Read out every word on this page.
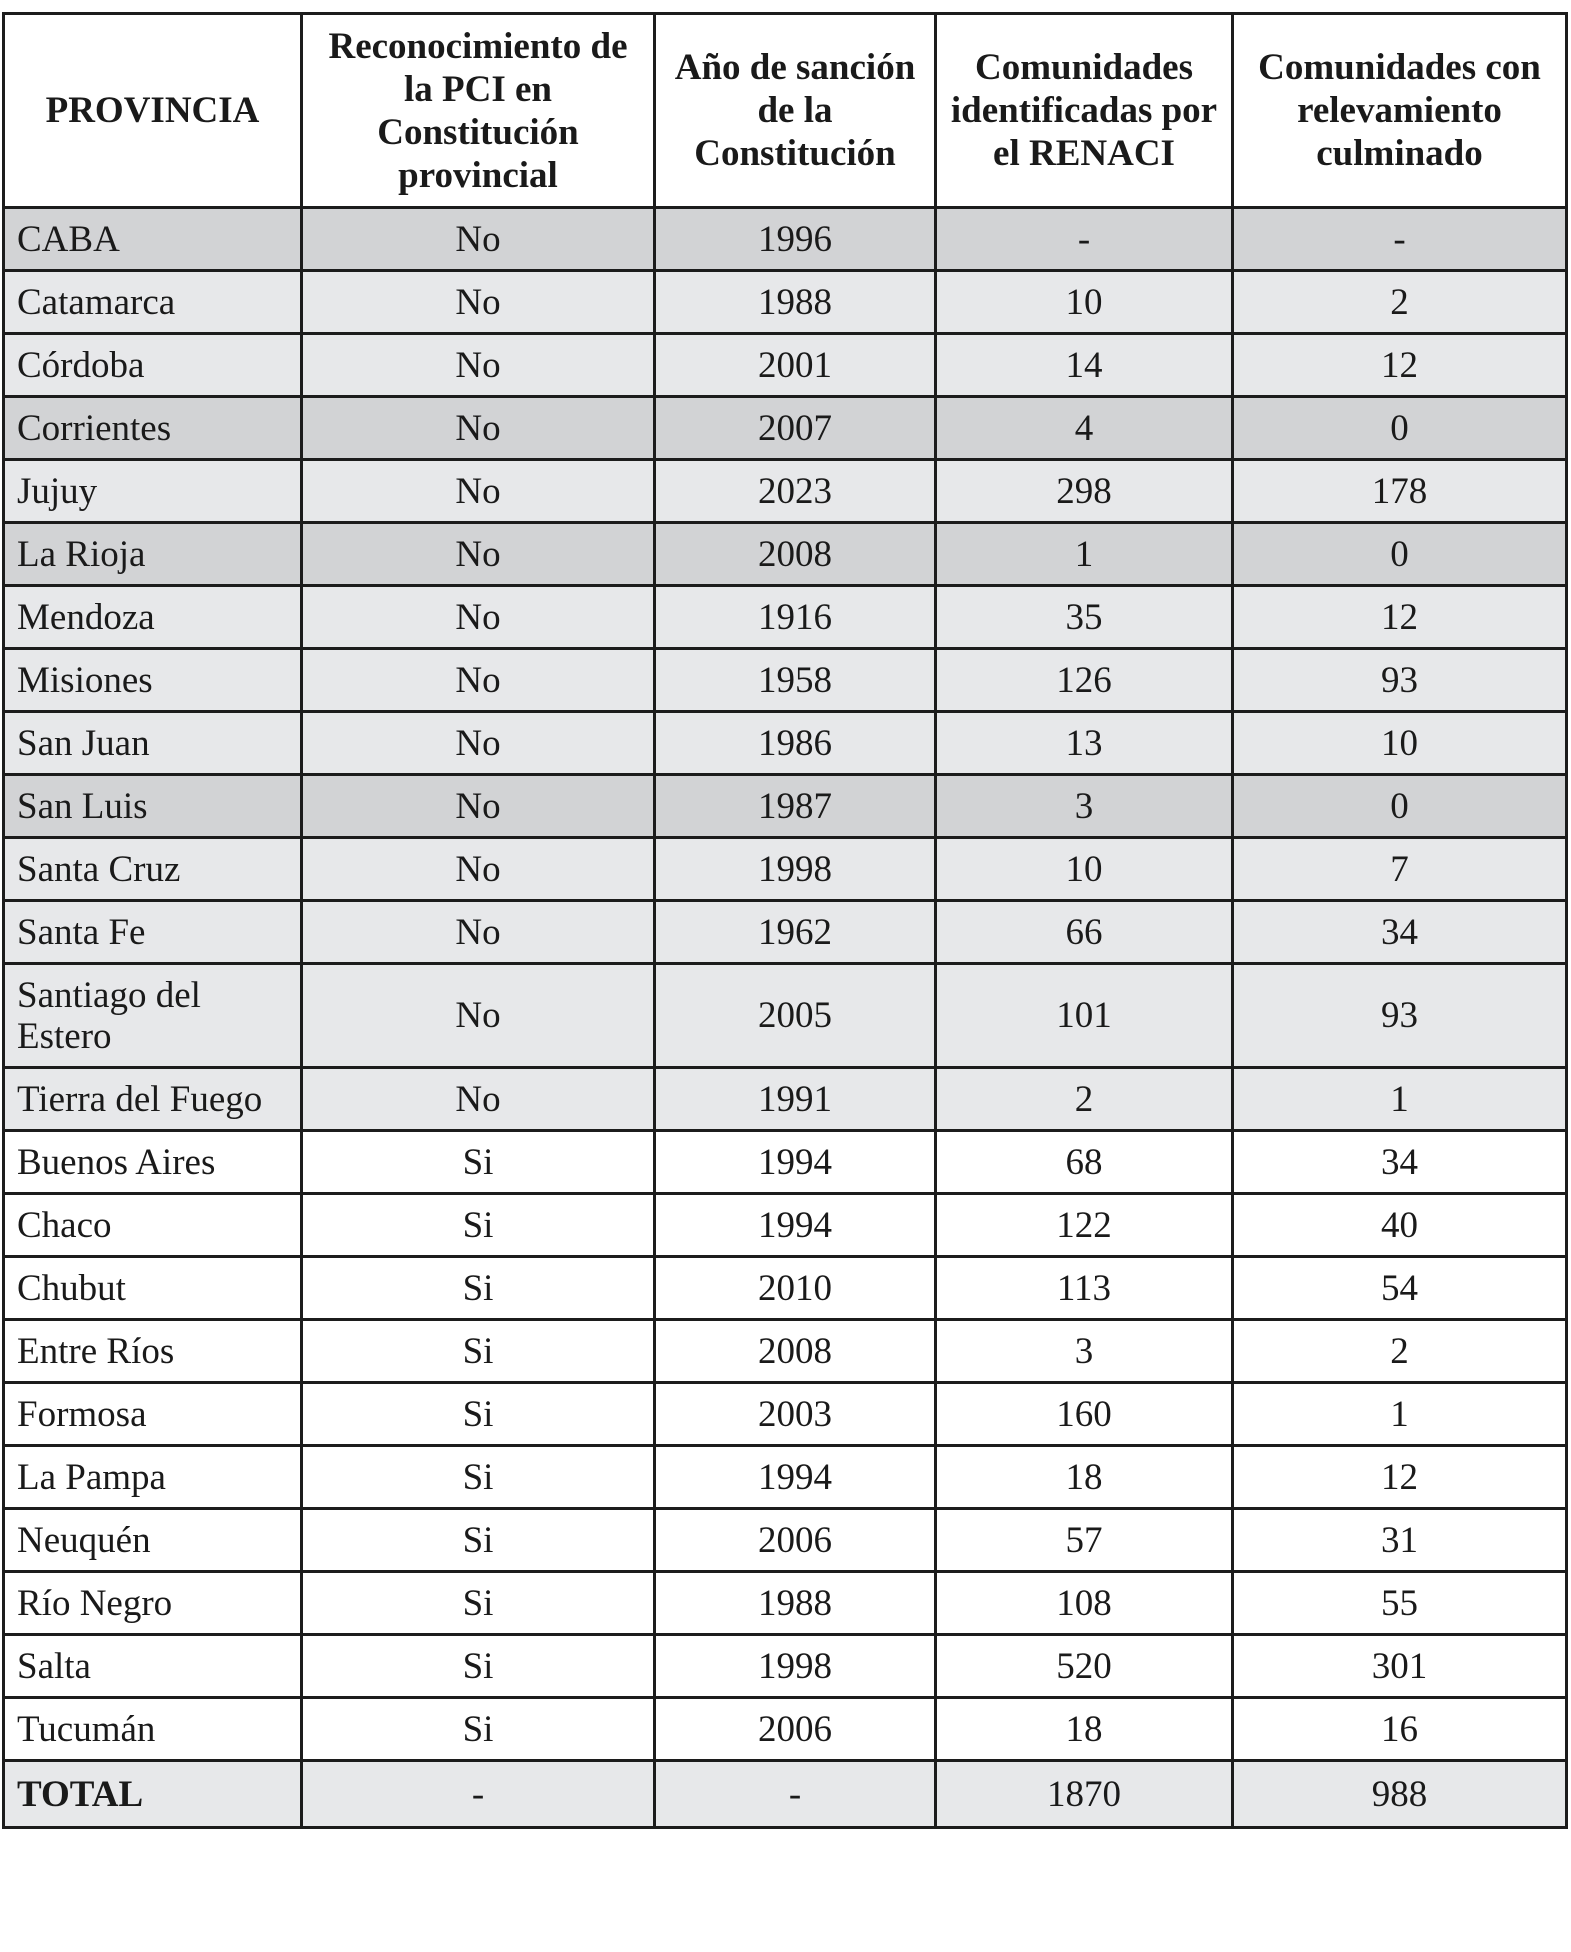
PROVINCIA	Reconocimiento de la PCI en Constitución provincial	Año de sanción de la Constitución	Comunidades identificadas por el RENACI	Comunidades con relevamiento culminado
CABA	No	1996	-	-
Catamarca	No	1988	10	2
Córdoba	No	2001	14	12
Corrientes	No	2007	4	0
Jujuy	No	2023	298	178
La Rioja	No	2008	1	0
Mendoza	No	1916	35	12
Misiones	No	1958	126	93
San Juan	No	1986	13	10
San Luis	No	1987	3	0
Santa Cruz	No	1998	10	7
Santa Fe	No	1962	66	34
Santiago del Estero	No	2005	101	93
Tierra del Fuego	No	1991	2	1
Buenos Aires	Si	1994	68	34
Chaco	Si	1994	122	40
Chubut	Si	2010	113	54
Entre Ríos	Si	2008	3	2
Formosa	Si	2003	160	1
La Pampa	Si	1994	18	12
Neuquén	Si	2006	57	31
Río Negro	Si	1988	108	55
Salta	Si	1998	520	301
Tucumán	Si	2006	18	16
TOTAL	-	-	1870	988
